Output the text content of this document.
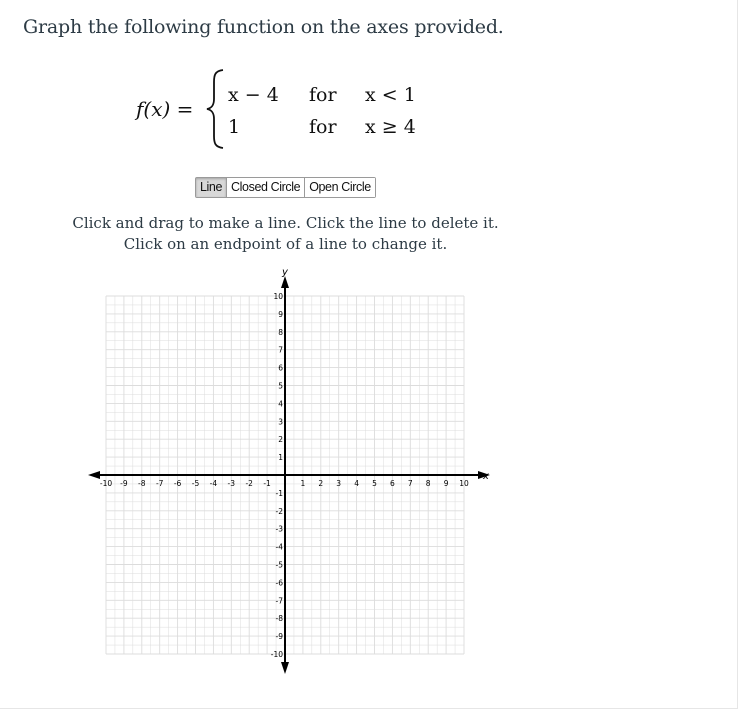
Graph the following function on the axes provided.
f(x) =
x − 4 for x < 1
1	for x ≥ 4
Line Closed Circle Open Circle
Click and drag to make a line. Click the line to delete it.
Click on an endpoint of a line to change it.
x
y
-10 -9 -8 -7 -6 -5 -4 -3 -2 -1	1 2 3 4 5 6 7 8 9 10
10
9
8
7
6
5
4
3
2
1
-1
-2
-3
-4
-5
-6
-7
-8
-9
-10
